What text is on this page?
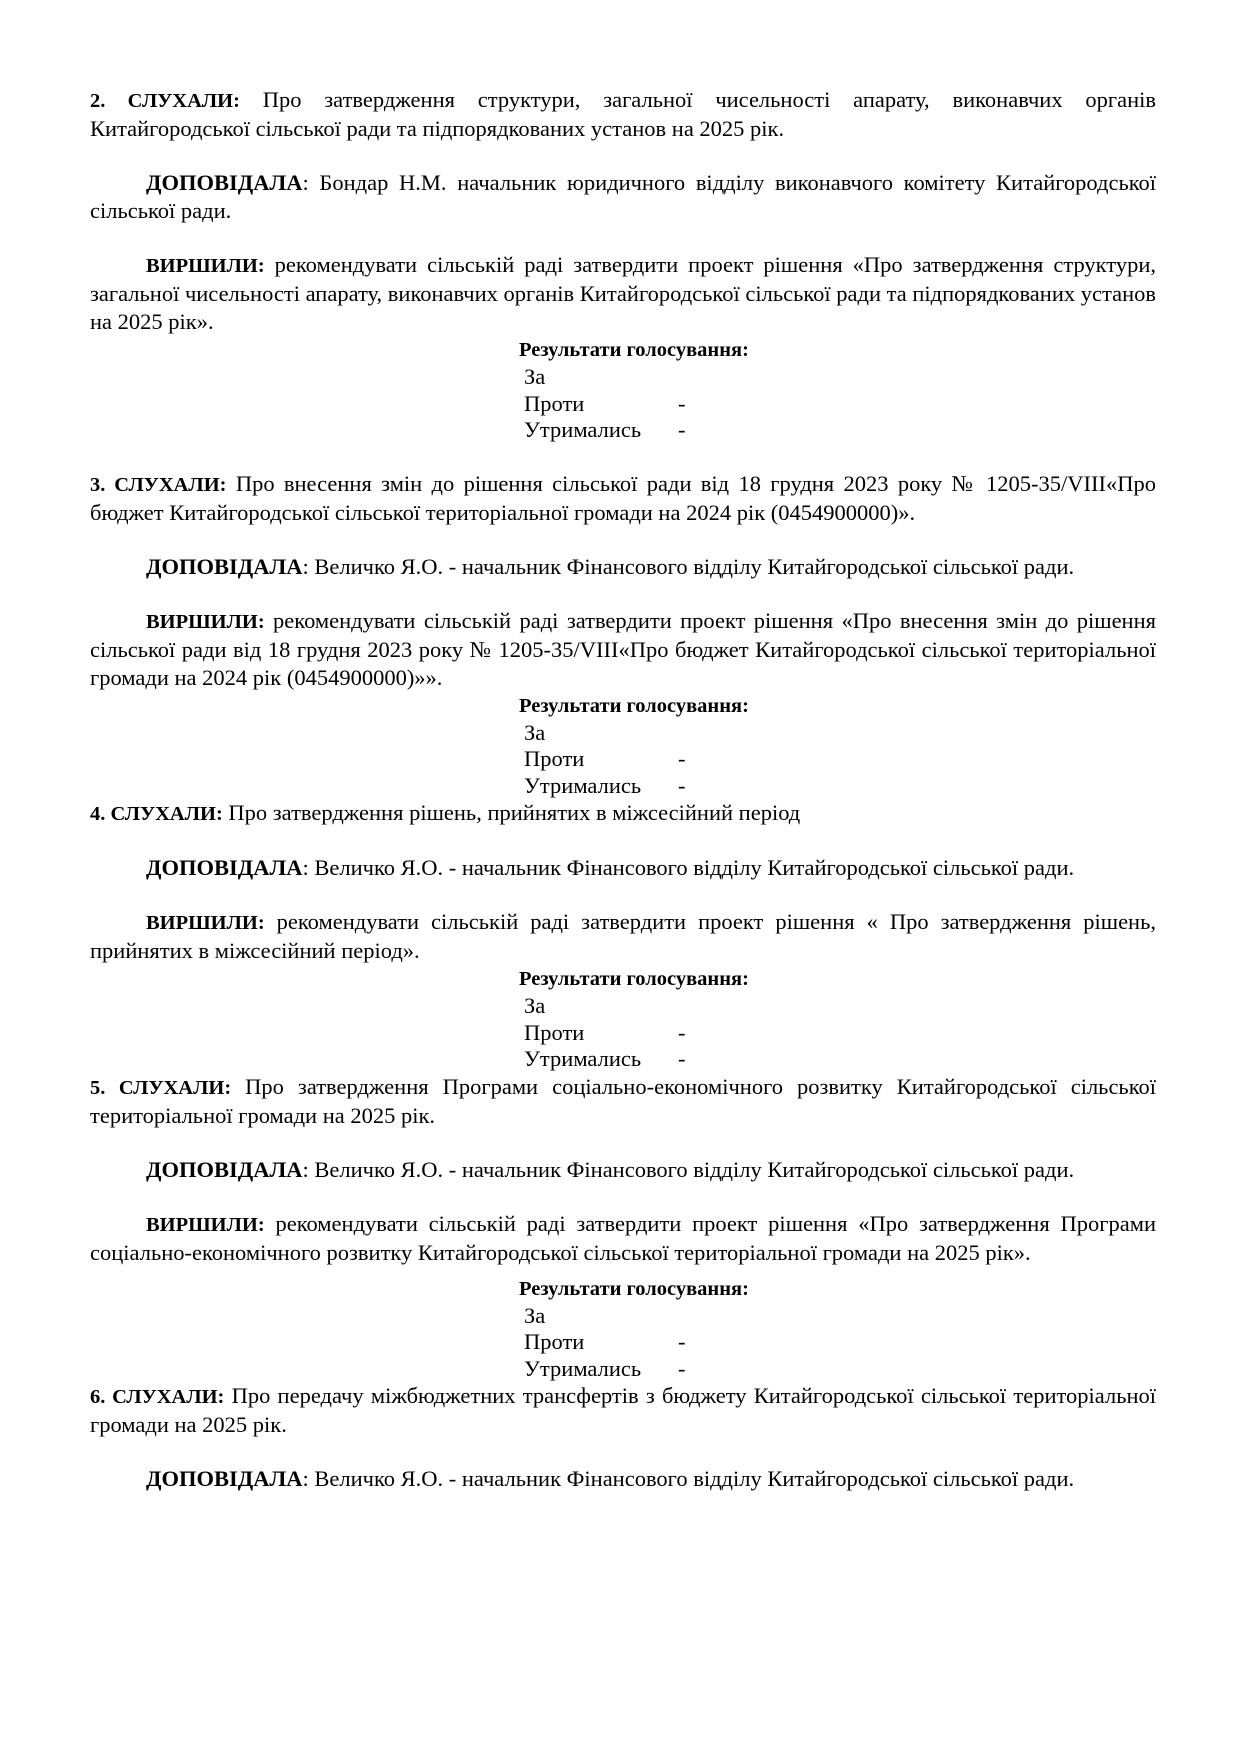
2. СЛУХАЛИ: Про затвердження структури, загальної чисельності апарату, виконавчих органів Китайгородської сільської ради та підпорядкованих установ на 2025 рік.

ДОПОВІДАЛА: Бондар Н.М. начальник юридичного відділу виконавчого комітету Китайгородської сільської ради.

ВИРШИЛИ: рекомендувати сільській раді затвердити проект рішення «Про затвердження структури, загальної чисельності апарату, виконавчих органів Китайгородської сільської ради та підпорядкованих установ на 2025 рік».

Результати голосування:
За
Проти	-
Утримались -

3. СЛУХАЛИ: Про внесення змін до рішення сільської ради від 18 грудня 2023 року № 1205-35/VIII«Про бюджет Китайгородської сільської територіальної громади на 2024 рік (0454900000)».

ДОПОВІДАЛА: Величко Я.О. - начальник Фінансового відділу Китайгородської сільської ради.

ВИРШИЛИ: рекомендувати сільській раді затвердити проект рішення «Про внесення змін до рішення сільської ради від 18 грудня 2023 року № 1205-35/VIII«Про бюджет Китайгородської сільської територіальної громади на 2024 рік (0454900000)»».

Результати голосування:
За
Проти	-
Утримались -

4. СЛУХАЛИ: Про затвердження рішень, прийнятих в міжсесійний період

ДОПОВІДАЛА: Величко Я.О. - начальник Фінансового відділу Китайгородської сільської ради.

ВИРШИЛИ: рекомендувати сільській раді затвердити проект рішення « Про затвердження рішень, прийнятих в міжсесійний період».

Результати голосування:
За
Проти	-
Утримались -

5. СЛУХАЛИ: Про затвердження Програми соціально-економічного розвитку Китайгородської сільської територіальної громади на 2025 рік.

ДОПОВІДАЛА: Величко Я.О. - начальник Фінансового відділу Китайгородської сільської ради.

ВИРШИЛИ: рекомендувати сільській раді затвердити проект рішення «Про затвердження Програми соціально-економічного розвитку Китайгородської сільської територіальної громади на 2025 рік».

Результати голосування:
За
Проти	-
Утримались -

6. СЛУХАЛИ: Про передачу міжбюджетних трансфертів з бюджету Китайгородської сільської територіальної громади на 2025 рік.

ДОПОВІДАЛА: Величко Я.О. - начальник Фінансового відділу Китайгородської сільської ради.
